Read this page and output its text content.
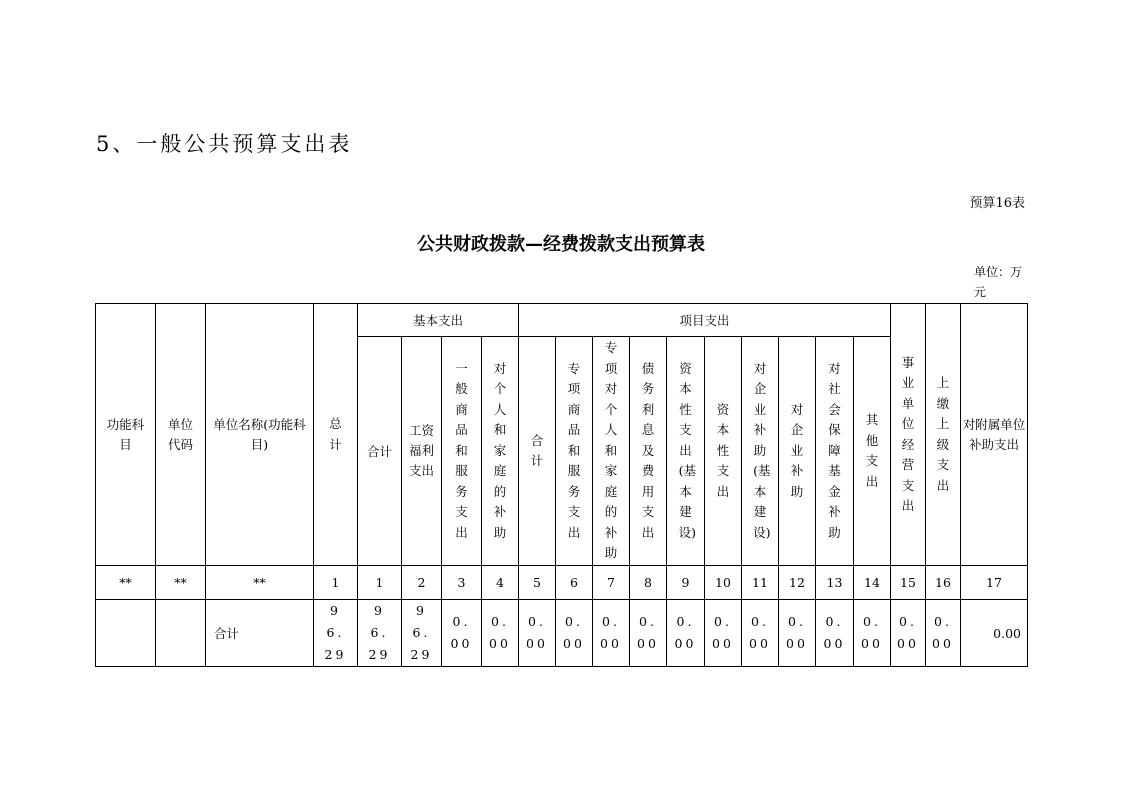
5、一般公共预算支出表
预算16表
公共财政拨款—经费拨款支出预算表
单位：万元
功能科目	单位代码	单位名称(功能科目)	总计	基本支出				项目支出										事业单位经营支出	上缴上级支出	对附属单位补助支出
				合计	工资福利支出	一般商品和服务支出	对个人和家庭的补助	合计	专项商品和服务支出	专项对个人和家庭的补助	债务利息及费用支出	资本性支出(基本建设)	资本性支出	对企业补助(基本建设)	对企业补助	对社会保障基金补助	其他支出			
**	**	**	1	1	2	3	4	5	6	7	8	9	10	11	12	13	14	15	16	17
		合计	96.29	96.29	96.29	0.00	0.00	0.00	0.00	0.00	0.00	0.00	0.00	0.00	0.00	0.00	0.00	0.00	0.00	0.00
